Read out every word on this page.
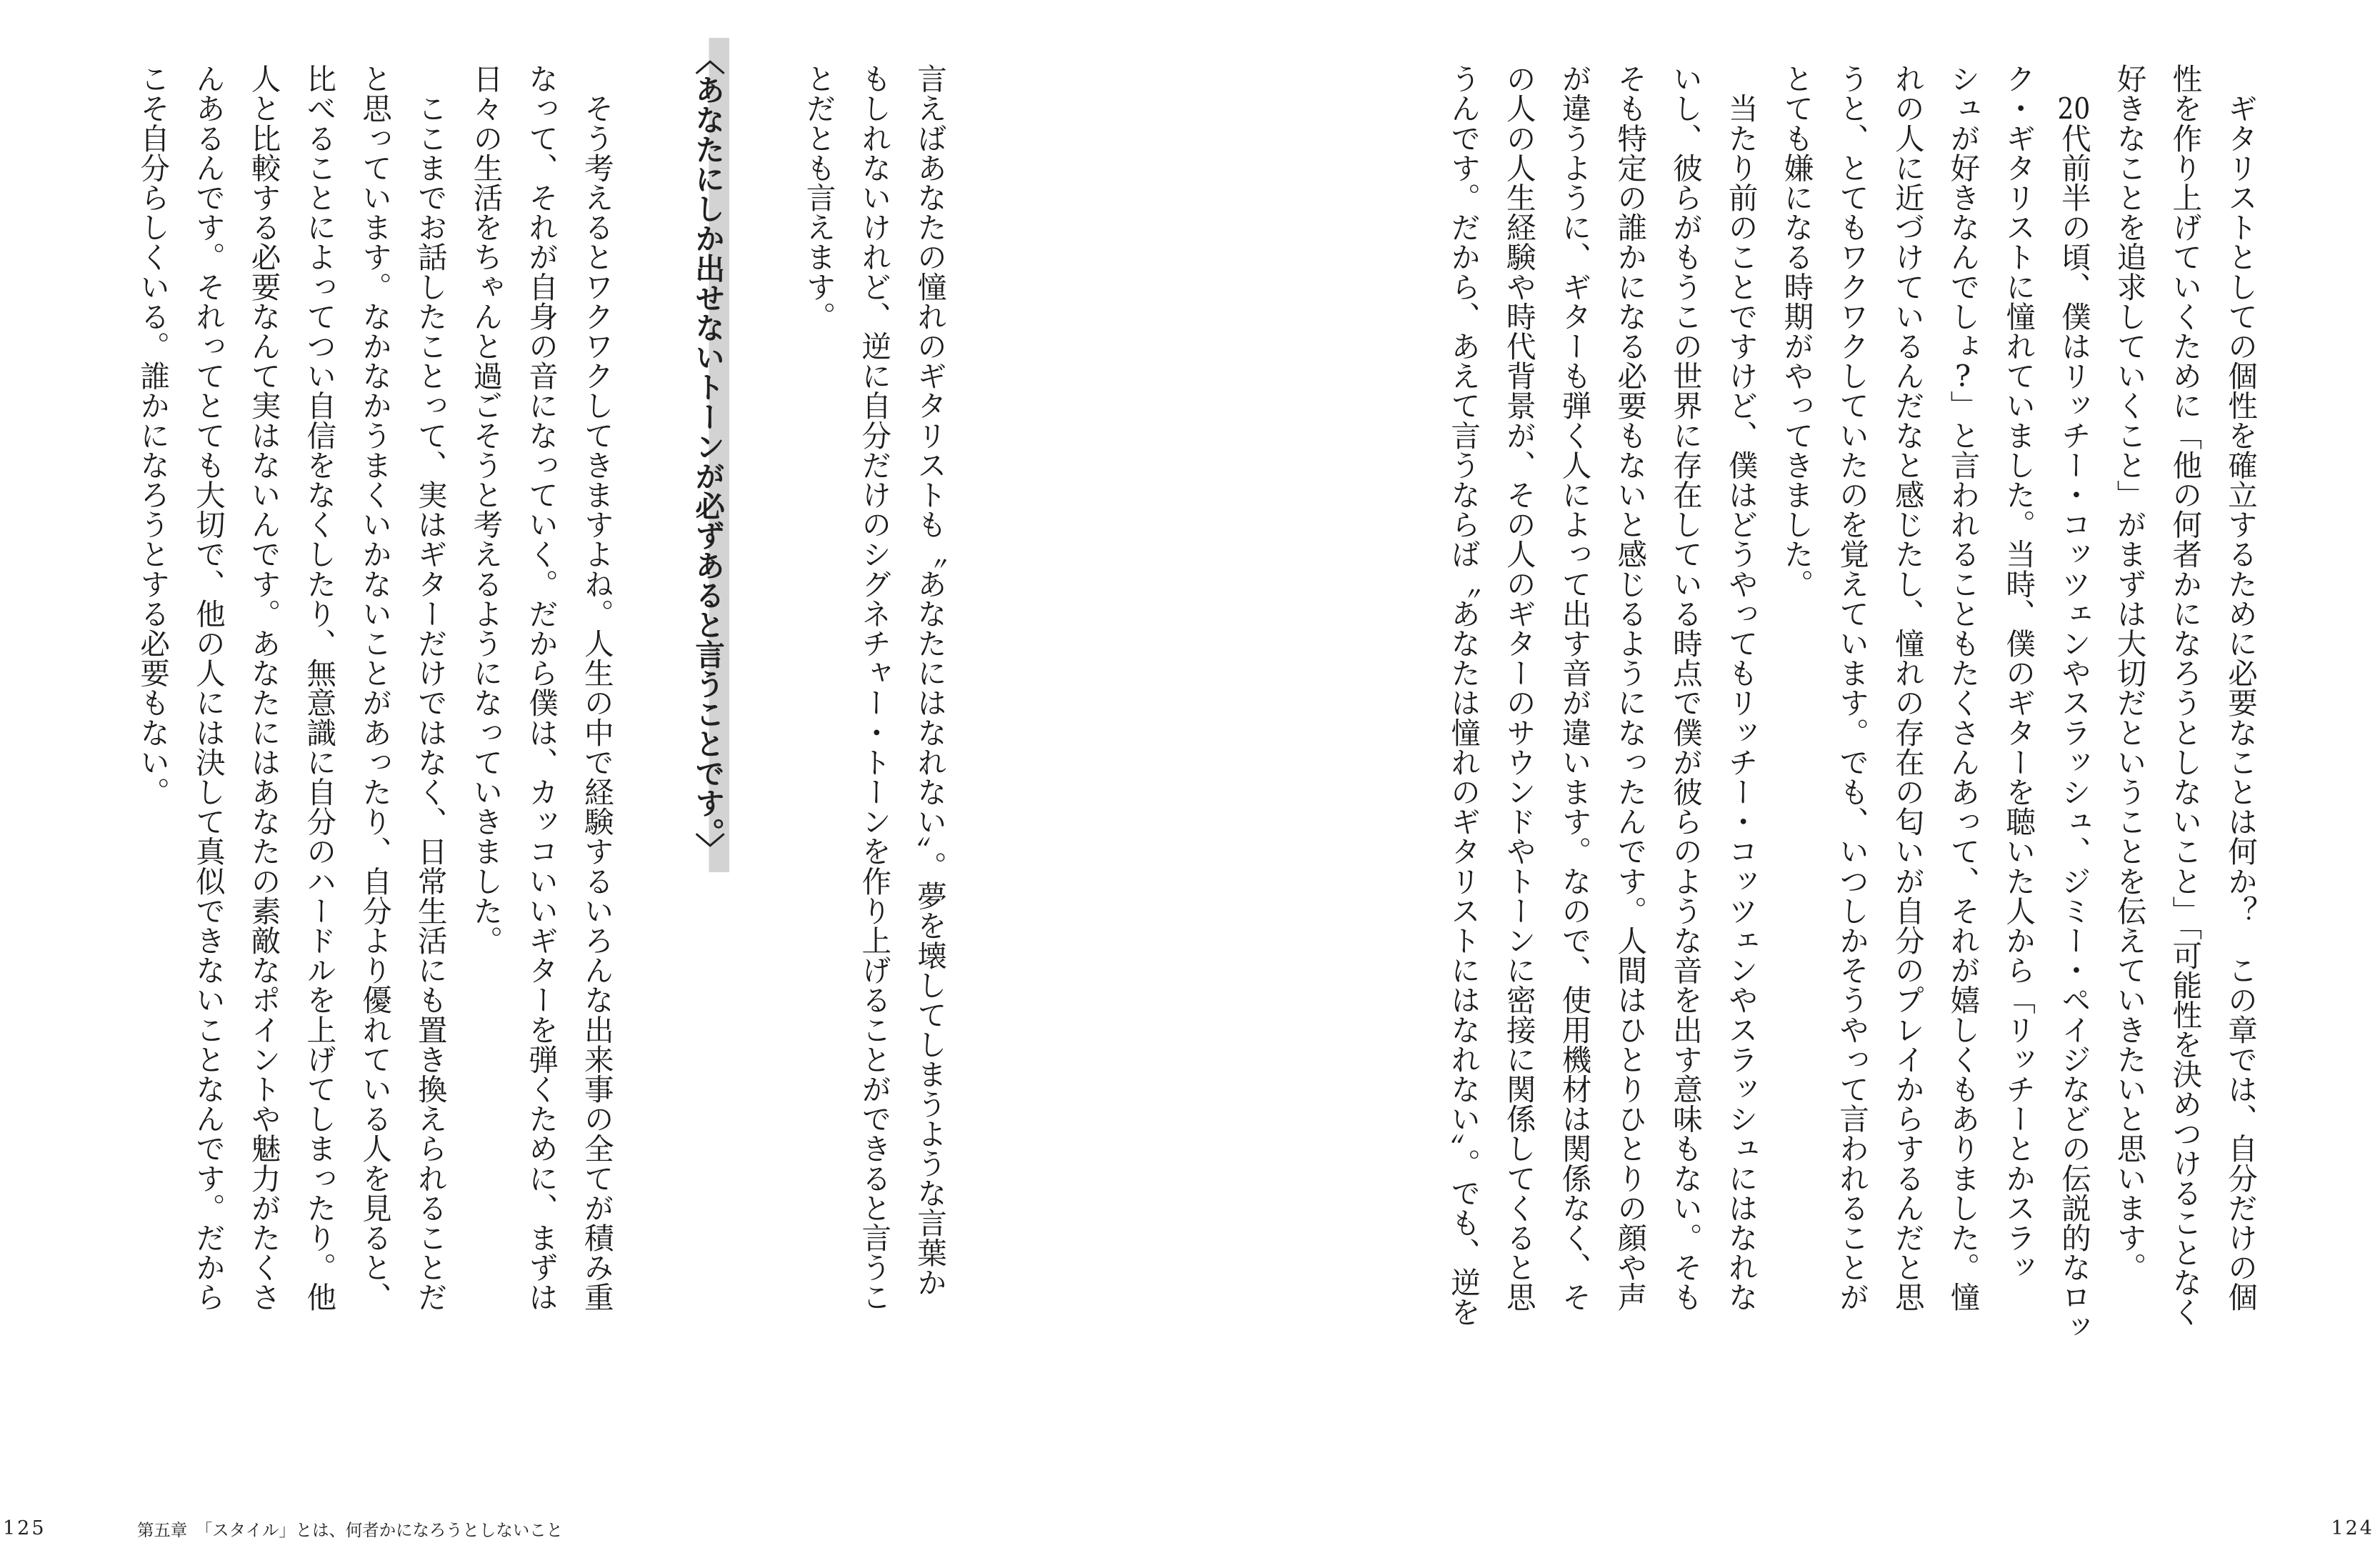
　ギタリストとしての個性を確立するために必要なことは何か？　この章では、自分だけの個
性を作り上げていくために「他の何者かになろうとしないこと」「可能性を決めつけることなく
好きなことを追求していくこと」がまずは大切だということを伝えていきたいと思います。
　20代前半の頃、僕はリッチー・コッツェンやスラッシュ、ジミー・ペイジなどの伝説的なロッ
ク・ギタリストに憧れていました。当時、僕のギターを聴いた人から「リッチーとかスラッ
シュが好きなんでしょ?」と言われることもたくさんあって、それが嬉しくもありました。憧
れの人に近づけているんだなと感じたし、憧れの存在の匂いが自分のプレイからするんだと思
うと、とてもワクワクしていたのを覚えています。でも、いつしかそうやって言われることが
とても嫌になる時期がやってきました。
　当たり前のことですけど、僕はどうやってもリッチー・コッツェンやスラッシュにはなれな
いし、彼らがもうこの世界に存在している時点で僕が彼らのような音を出す意味もない。そも
そも特定の誰かになる必要もないと感じるようになったんです。人間はひとりひとりの顔や声
が違うように、ギターも弾く人によって出す音が違います。なので、使用機材は関係なく、そ
の人の人生経験や時代背景が、その人のギターのサウンドやトーンに密接に関係してくると思
うんです。だから、あえて言うならば〝あなたは憧れのギタリストにはなれない〟。でも、逆を
言えばあなたの憧れのギタリストも〝あなたにはなれない〟。夢を壊してしまうような言葉か
もしれないけれど、逆に自分だけのシグネチャー・トーンを作り上げることができると言うこ
とだとも言えます。
〈あなたにしか出せないトーンが必ずあると言うことです。〉
　そう考えるとワクワクしてきますよね。人生の中で経験するいろんな出来事の全てが積み重
なって、それが自身の音になっていく。だから僕は、カッコいいギターを弾くために、まずは
日々の生活をちゃんと過ごそうと考えるようになっていきました。
　ここまでお話したことって、実はギターだけではなく、日常生活にも置き換えられることだ
と思っています。なかなかうまくいかないことがあったり、自分より優れている人を見ると、
比べることによってつい自信をなくしたり、無意識に自分のハードルを上げてしまったり。他
人と比較する必要なんて実はないんです。あなたにはあなたの素敵なポイントや魅力がたくさ
んあるんです。それってとても大切で、他の人には決して真似できないことなんです。だから
こそ自分らしくいる。誰かになろうとする必要もない。
125	第五章　「スタイル」とは、何者かになろうとしないこと	124
